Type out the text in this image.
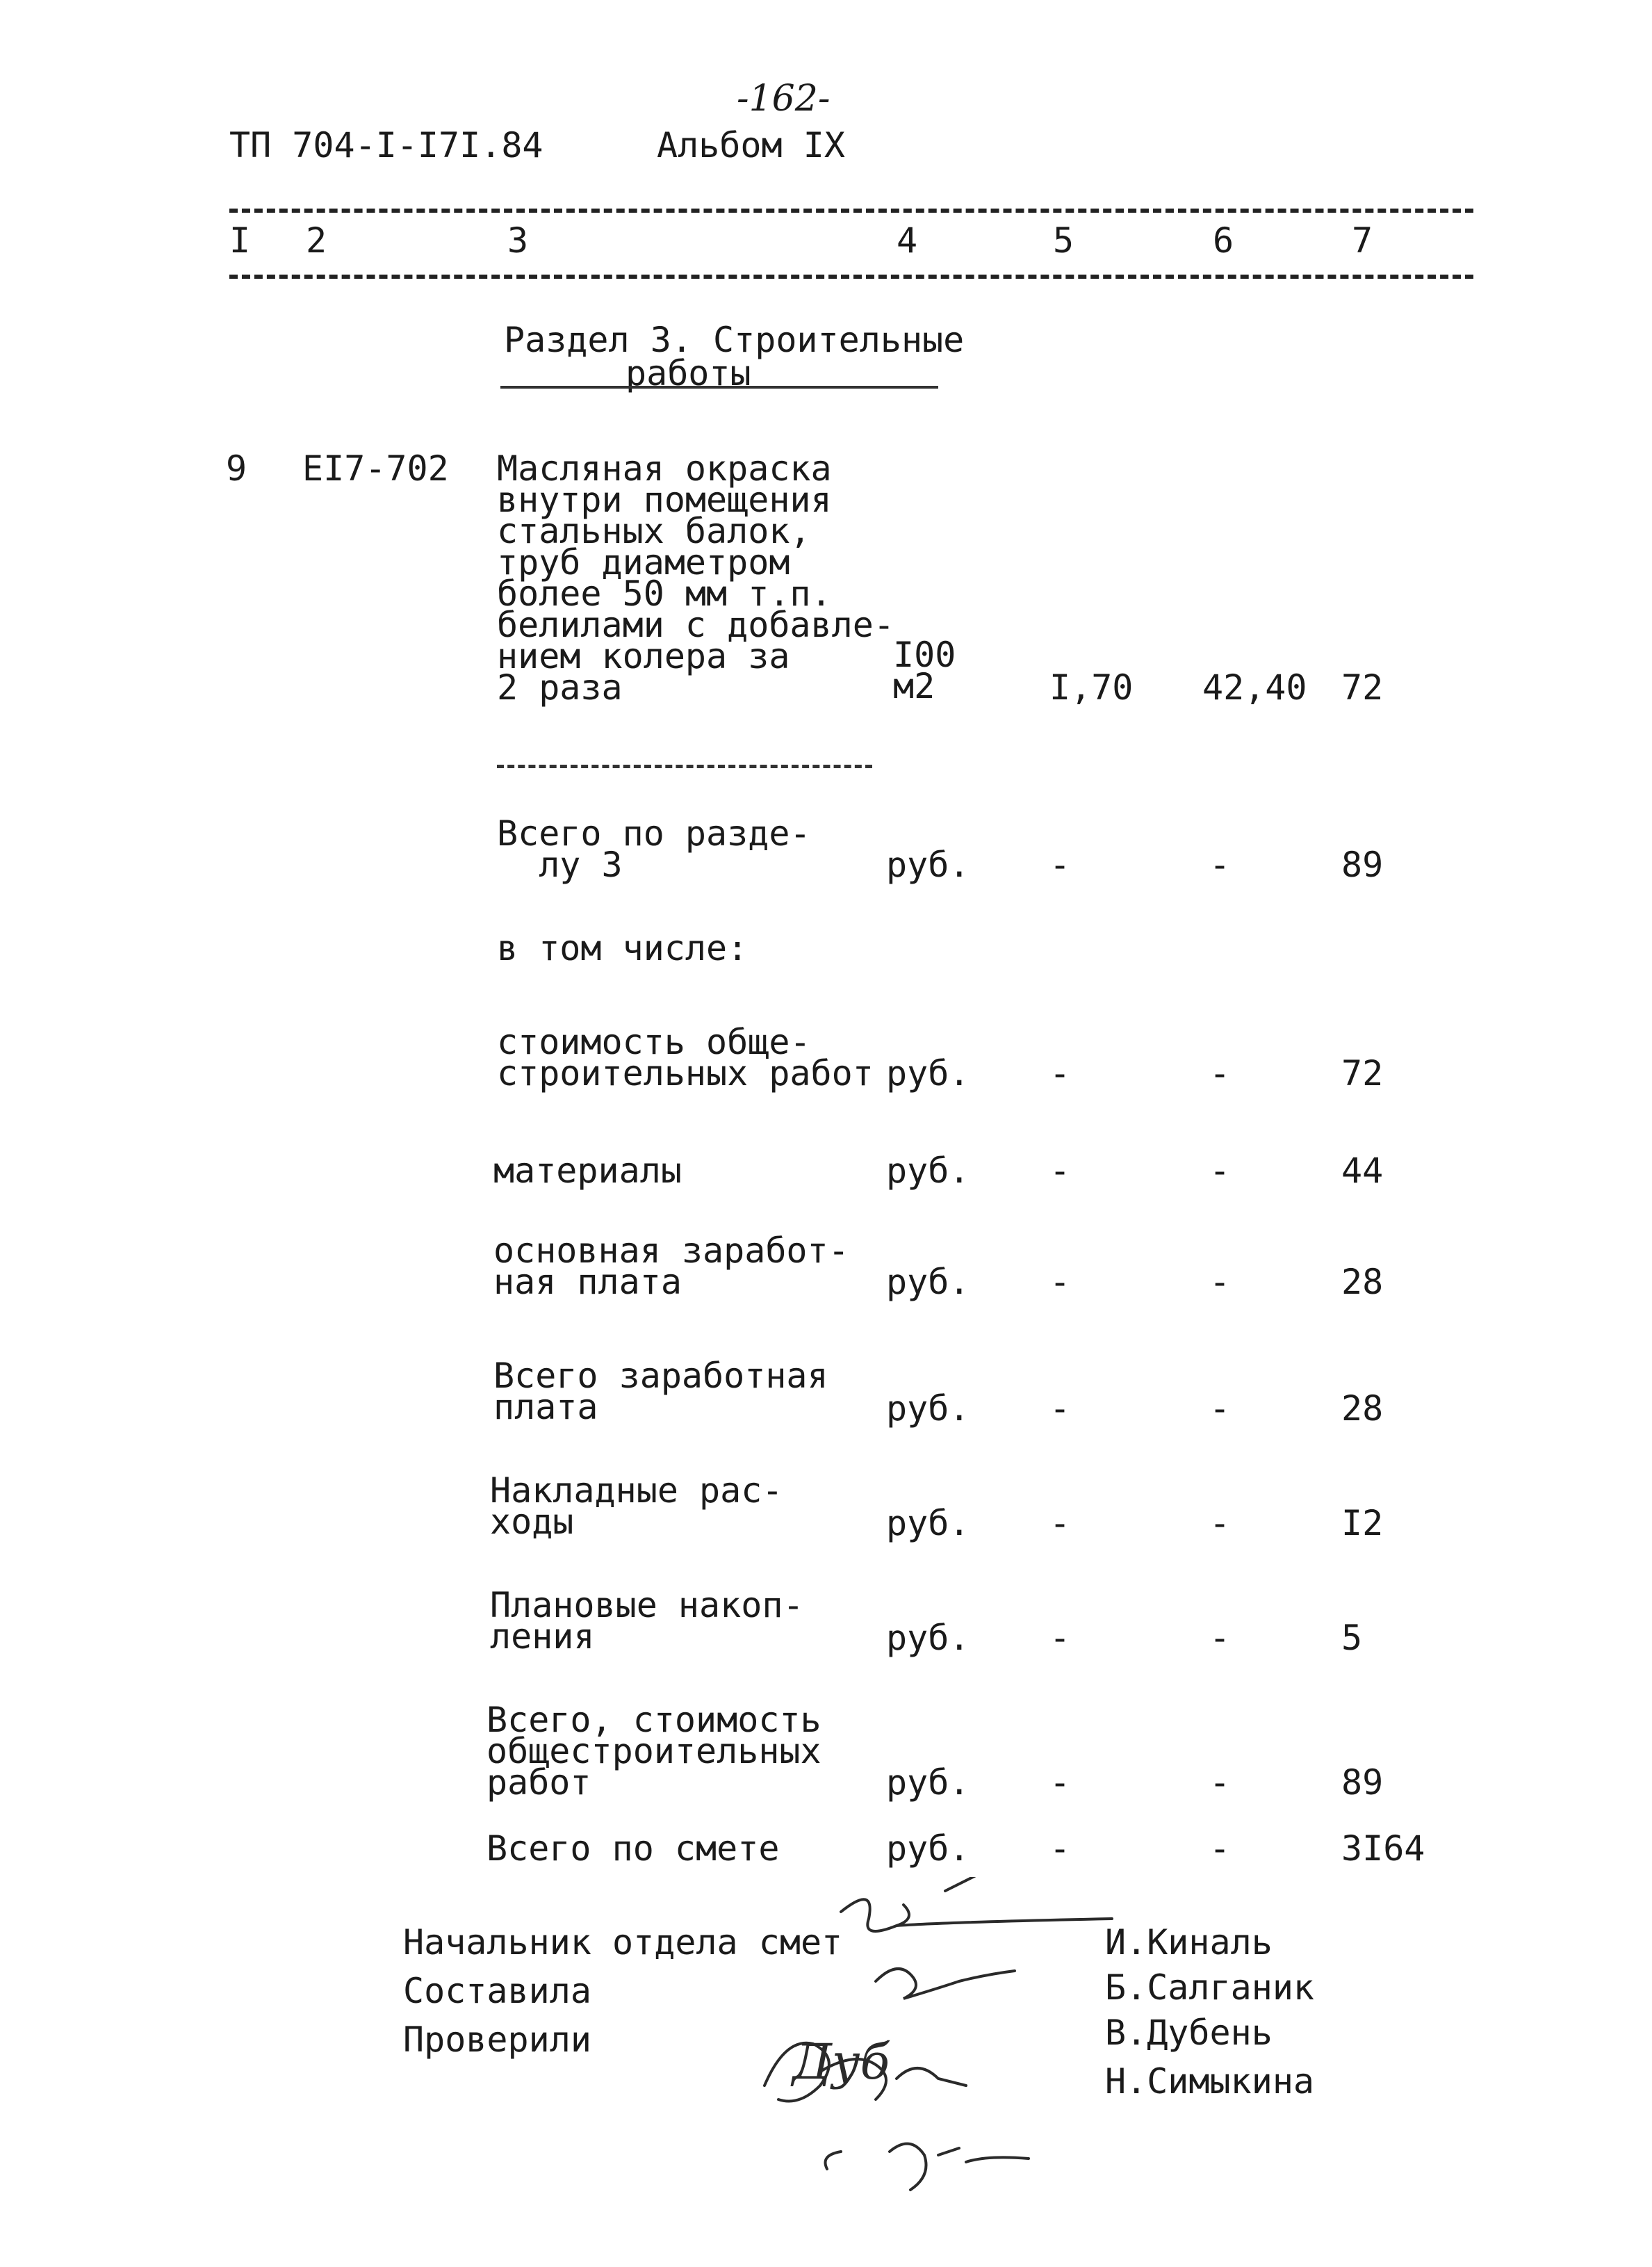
-162-
ТП 704-I-I7I.84	Альбом IX
I 2	3	4	5	6	7
Раздел 3. Строительные
работы
9 ЕI7-702 Масляная окраска
внутри помещения
стальных балок,
труб диаметром
более 50 мм т.п.
белилами с добавле-
нием колера за
2 раза
I00
м2	I,70 42,40 72
Всего по разде-
лу 3	руб. -	-	89
в том числе:
стоимость обще-
строительных работ руб. -	-	72
материалы	руб. -	-	44
основная заработ-
ная плата	руб. -	-	28
Всего заработная
плата	руб. -	-	28
Накладные рас-
ходы	руб. -	-	I2
Плановые накоп-
ления	руб. -	-	5
Всего, стоимость
общестроительных
работ	руб. -	-	89
Всего по смете	руб. -	-	3I64
Начальник отдела смет
Составила
Проверили
И.Киналь
Б.Салганик
В.Дубень
Н.Симыкина
Дуб
